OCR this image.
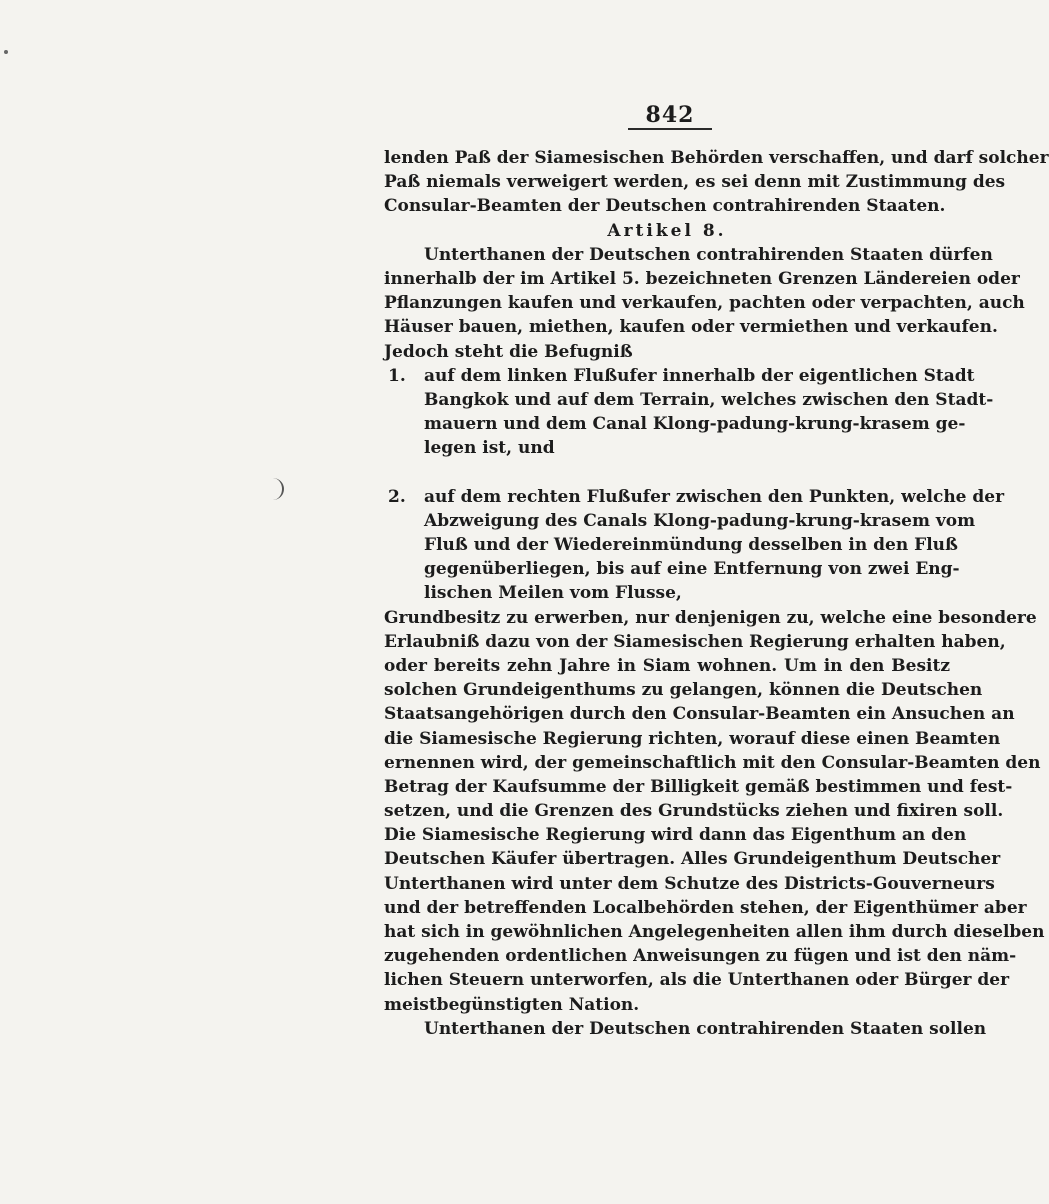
842
lenden Paß der Siamesischen Behörden verschaffen, und darf solcher
Paß niemals verweigert werden, es sei denn mit Zustimmung des
Consular-Beamten der Deutschen contrahirenden Staaten.
Artikel 8.
Unterthanen der Deutschen contrahirenden Staaten dürfen
innerhalb der im Artikel 5. bezeichneten Grenzen Ländereien oder
Pflanzungen kaufen und verkaufen, pachten oder verpachten, auch
Häuser bauen, miethen, kaufen oder vermiethen und verkaufen.
Jedoch steht die Befugniß
1. auf dem linken Flußufer innerhalb der eigentlichen Stadt
Bangkok und auf dem Terrain, welches zwischen den Stadt-
mauern und dem Canal Klong-padung-krung-krasem ge-
legen ist, und
2. auf dem rechten Flußufer zwischen den Punkten, welche der
Abzweigung des Canals Klong-padung-krung-krasem vom
Fluß und der Wiedereinmündung desselben in den Fluß
gegenüberliegen, bis auf eine Entfernung von zwei Eng-
lischen Meilen vom Flusse,
Grundbesitz zu erwerben, nur denjenigen zu, welche eine besondere
Erlaubniß dazu von der Siamesischen Regierung erhalten haben,
oder bereits zehn Jahre in Siam wohnen. Um in den Besitz
solchen Grundeigenthums zu gelangen, können die Deutschen
Staatsangehörigen durch den Consular-Beamten ein Ansuchen an
die Siamesische Regierung richten, worauf diese einen Beamten
ernennen wird, der gemeinschaftlich mit den Consular-Beamten den
Betrag der Kaufsumme der Billigkeit gemäß bestimmen und fest-
setzen, und die Grenzen des Grundstücks ziehen und fixiren soll.
Die Siamesische Regierung wird dann das Eigenthum an den
Deutschen Käufer übertragen. Alles Grundeigenthum Deutscher
Unterthanen wird unter dem Schutze des Districts-Gouverneurs
und der betreffenden Localbehörden stehen, der Eigenthümer aber
hat sich in gewöhnlichen Angelegenheiten allen ihm durch dieselben
zugehenden ordentlichen Anweisungen zu fügen und ist den näm-
lichen Steuern unterworfen, als die Unterthanen oder Bürger der
meistbegünstigten Nation.
Unterthanen der Deutschen contrahirenden Staaten sollen
